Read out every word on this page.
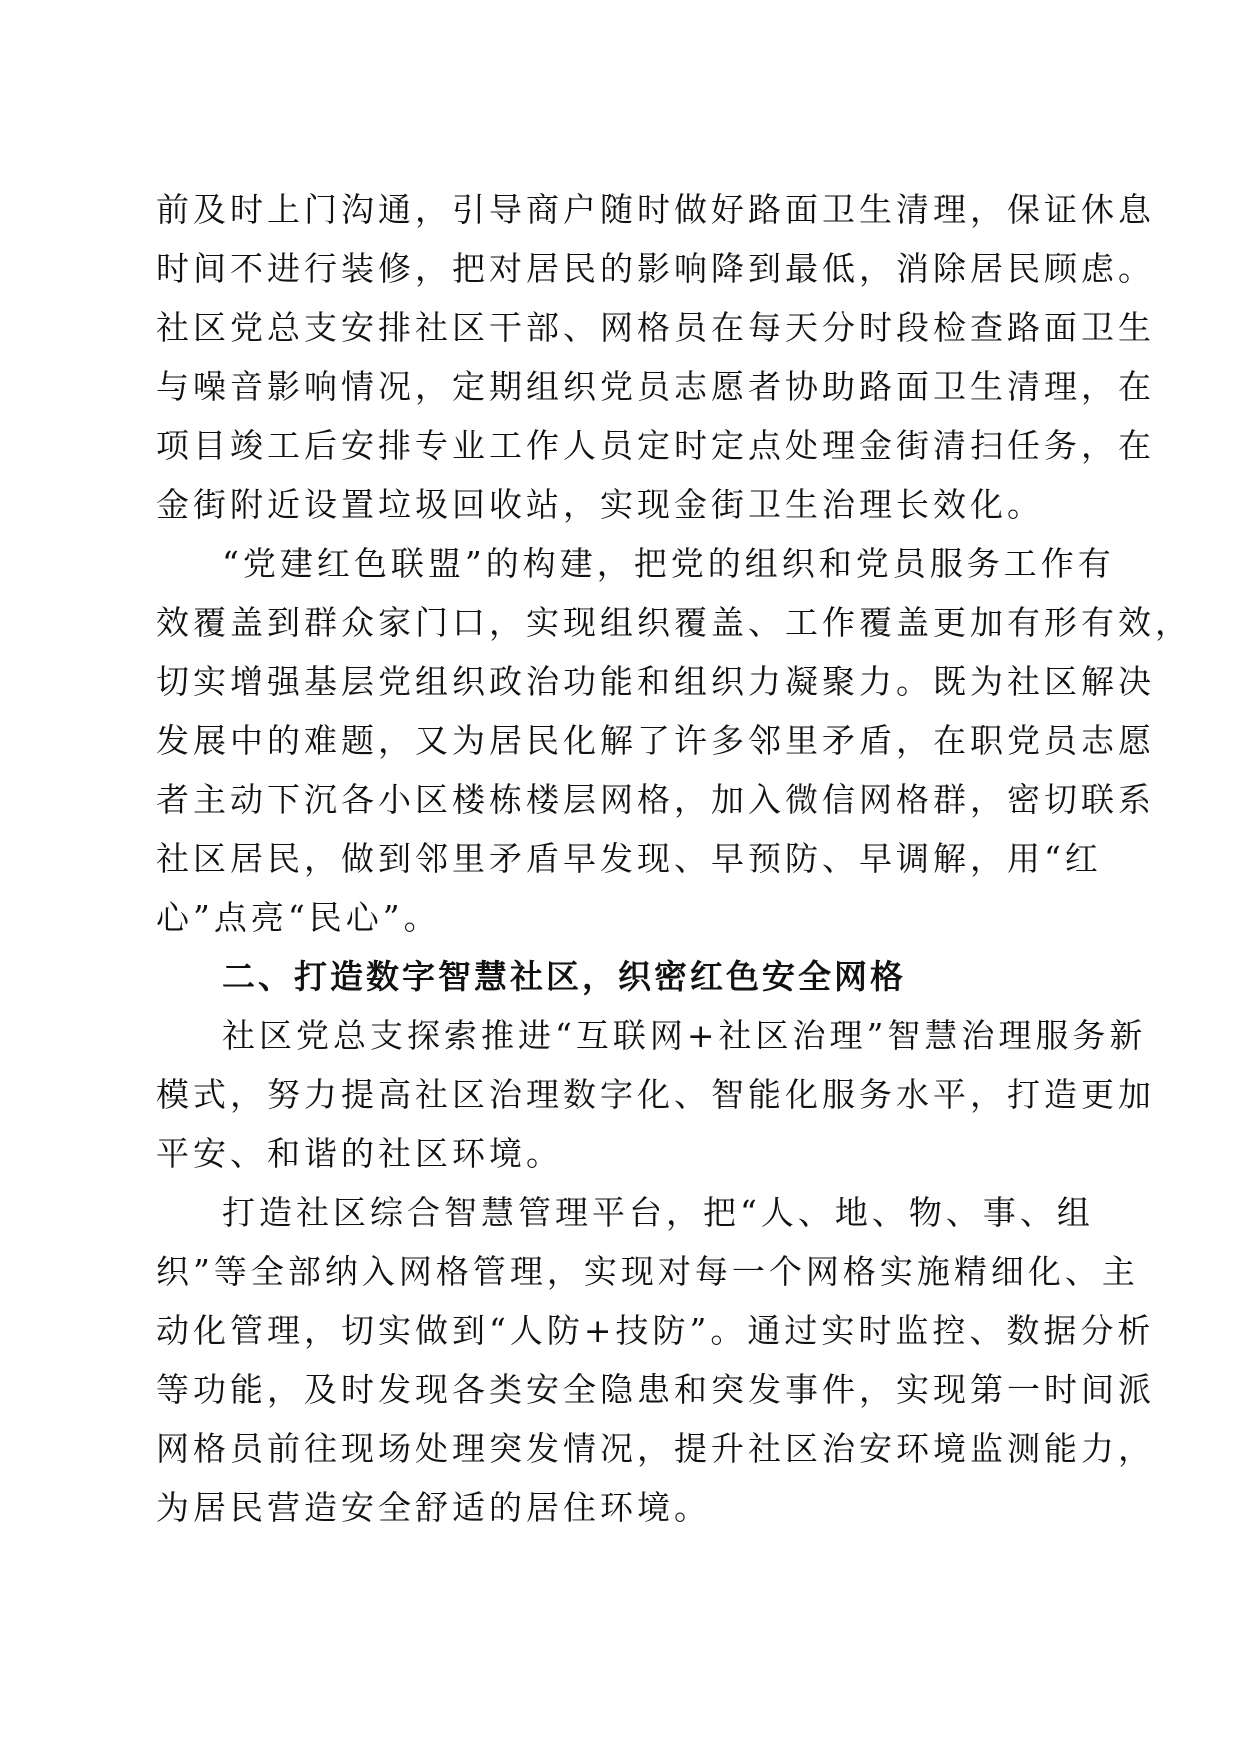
前及时上门沟通，引导商户随时做好路面卫生清理，保证休息
时间不进行装修，把对居民的影响降到最低，消除居民顾虑。
社区党总支安排社区干部、网格员在每天分时段检查路面卫生
与噪音影响情况，定期组织党员志愿者协助路面卫生清理，在
项目竣工后安排专业工作人员定时定点处理金街清扫任务，在
金街附近设置垃圾回收站，实现金街卫生治理长效化。
“党建红色联盟”的构建，把党的组织和党员服务工作有
效覆盖到群众家门口，实现组织覆盖、工作覆盖更加有形有效，
切实增强基层党组织政治功能和组织力凝聚力。既为社区解决
发展中的难题，又为居民化解了许多邻里矛盾，在职党员志愿
者主动下沉各小区楼栋楼层网格，加入微信网格群，密切联系
社区居民，做到邻里矛盾早发现、早预防、早调解，用“红
心”点亮“民心”。
二、打造数字智慧社区，织密红色安全网格
社区党总支探索推进“互联网+社区治理”智慧治理服务新
模式，努力提高社区治理数字化、智能化服务水平，打造更加
平安、和谐的社区环境。
打造社区综合智慧管理平台，把“人、地、物、事、组
织”等全部纳入网格管理，实现对每一个网格实施精细化、主
动化管理，切实做到“人防+技防”。通过实时监控、数据分析
等功能，及时发现各类安全隐患和突发事件，实现第一时间派
网格员前往现场处理突发情况，提升社区治安环境监测能力，
为居民营造安全舒适的居住环境。
